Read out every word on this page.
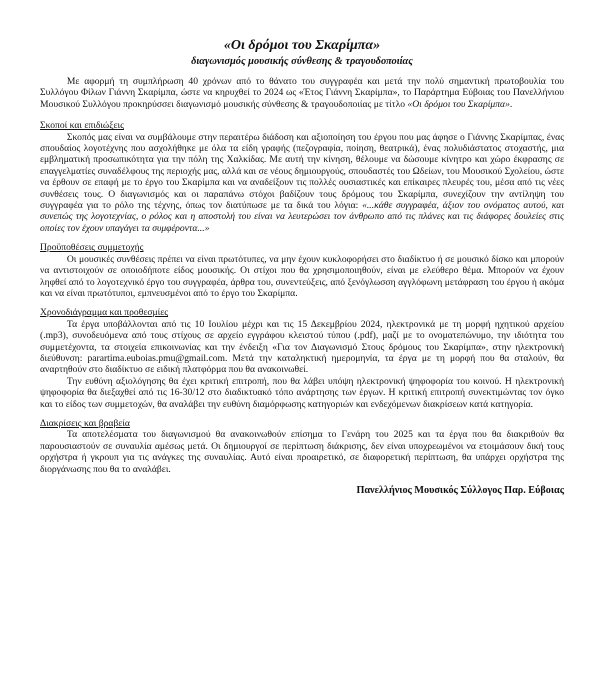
«Οι δρόμοι του Σκαρίμπα»
διαγωνισμός μουσικής σύνθεσης & τραγουδοποιίας

Με αφορμή τη συμπλήρωση 40 χρόνων από το θάνατο του συγγραφέα και μετά την πολύ σημαντική πρωτοβουλία του Συλλόγου Φίλων Γιάννη Σκαρίμπα, ώστε να κηρυχθεί το 2024 ως «Έτος Γιάννη Σκαρίμπα», το Παράρτημα Εύβοιας του Πανελλήνιου Μουσικού Συλλόγου προκηρύσσει διαγωνισμό μουσικής σύνθεσης & τραγουδοποιίας με τίτλο «Οι δρόμοι του Σκαρίμπα».

Σκοποί και επιδιώξεις

Σκοπός μας είναι να συμβάλουμε στην περαιτέρω διάδοση και αξιοποίηση του έργου που μας άφησε ο Γιάννης Σκαρίμπας, ένας σπουδαίος λογοτέχνης που ασχολήθηκε με όλα τα είδη γραφής (πεζογραφία, ποίηση, θεατρικά), ένας πολυδιάστατος στοχαστής, μια εμβληματική προσωπικότητα για την πόλη της Χαλκίδας. Με αυτή την κίνηση, θέλουμε να δώσουμε κίνητρο και χώρο έκφρασης σε επαγγελματίες συναδέλφους της περιοχής μας, αλλά και σε νέους δημιουργούς, σπουδαστές του Ωδείων, του Μουσικού Σχολείου, ώστε να έρθουν σε επαφή με το έργο του Σκαρίμπα και να αναδείξουν τις πολλές ουσιαστικές και επίκαιρες πλευρές του, μέσα από τις νέες συνθέσεις τους. Ο διαγωνισμός και οι παραπάνω στόχοι βαδίζουν τους δρόμους του Σκαρίμπα, συνεχίζουν την αντίληψη του συγγραφέα για το ρόλο της τέχνης, όπως τον διατύπωσε με τα δικά του λόγια: «...κάθε συγγραφέα, άξιον του ονόματος αυτού, και συνεπώς της λογοτεχνίας, ο ρόλος και η αποστολή του είναι να λευτερώσει τον άνθρωπο από τις πλάνες και τις διάφορες δουλείες στις οποίες τον έχουν υπαγάγει τα συμφέροντα...»

Προϋποθέσεις συμμετοχής

Οι μουσικές συνθέσεις πρέπει να είναι πρωτότυπες, να μην έχουν κυκλοφορήσει στο διαδίκτυο ή σε μουσικό δίσκο και μπορούν να αντιστοιχούν σε οποιοδήποτε είδος μουσικής. Οι στίχοι που θα χρησιμοποιηθούν, είναι με ελεύθερο θέμα. Μπορούν να έχουν ληφθεί από το λογοτεχνικό έργο του συγγραφέα, άρθρα του, συνεντεύξεις, από ξενόγλωσση αγγλόφωνη μετάφραση του έργου ή ακόμα και να είναι πρωτότυποι, εμπνευσμένοι από το έργο του Σκαρίμπα.

Χρονοδιάγραμμα και προθεσμίες

Τα έργα υποβάλλονται από τις 10 Ιουλίου μέχρι και τις 15 Δεκεμβρίου 2024, ηλεκτρονικά με τη μορφή ηχητικού αρχείου (.mp3), συνοδευόμενα από τους στίχους σε αρχείο εγγράφου κλειστού τύπου (.pdf), μαζί με το ονοματεπώνυμο, την ιδιότητα του συμμετέχοντα, τα στοιχεία επικοινωνίας και την ένδειξη «Για τον Διαγωνισμό Στους δρόμους του Σκαρίμπα», στην ηλεκτρονική διεύθυνση: parartima.euboias.pmu@gmail.com. Μετά την καταληκτική ημερομηνία, τα έργα με τη μορφή που θα σταλούν, θα αναρτηθούν στο διαδίκτυο σε ειδική πλατφόρμα που θα ανακοινωθεί.

Την ευθύνη αξιολόγησης θα έχει κριτική επιτροπή, που θα λάβει υπόψη ηλεκτρονική ψηφοφορία του κοινού. Η ηλεκτρονική ψηφοφορία θα διεξαχθεί από τις 16-30/12 στο διαδικτυακό τόπο ανάρτησης των έργων. Η κριτική επιτροπή συνεκτιμώντας τον όγκο και το είδος των συμμετοχών, θα αναλάβει την ευθύνη διαμόρφωσης κατηγοριών και ενδεχόμενων διακρίσεων κατά κατηγορία.

Διακρίσεις και βραβεία

Τα αποτελέσματα του διαγωνισμού θα ανακοινωθούν επίσημα το Γενάρη του 2025 και τα έργα που θα διακριθούν θα παρουσιαστούν σε συναυλία αμέσως μετά. Οι δημιουργοί σε περίπτωση διάκρισης, δεν είναι υποχρεωμένοι να ετοιμάσουν δική τους ορχήστρα ή γκρουπ για τις ανάγκες της συναυλίας. Αυτό είναι προαιρετικό, σε διαφορετική περίπτωση, θα υπάρχει ορχήστρα της διοργάνωσης που θα το αναλάβει.

Πανελλήνιος Μουσικός Σύλλογος Παρ. Εύβοιας
